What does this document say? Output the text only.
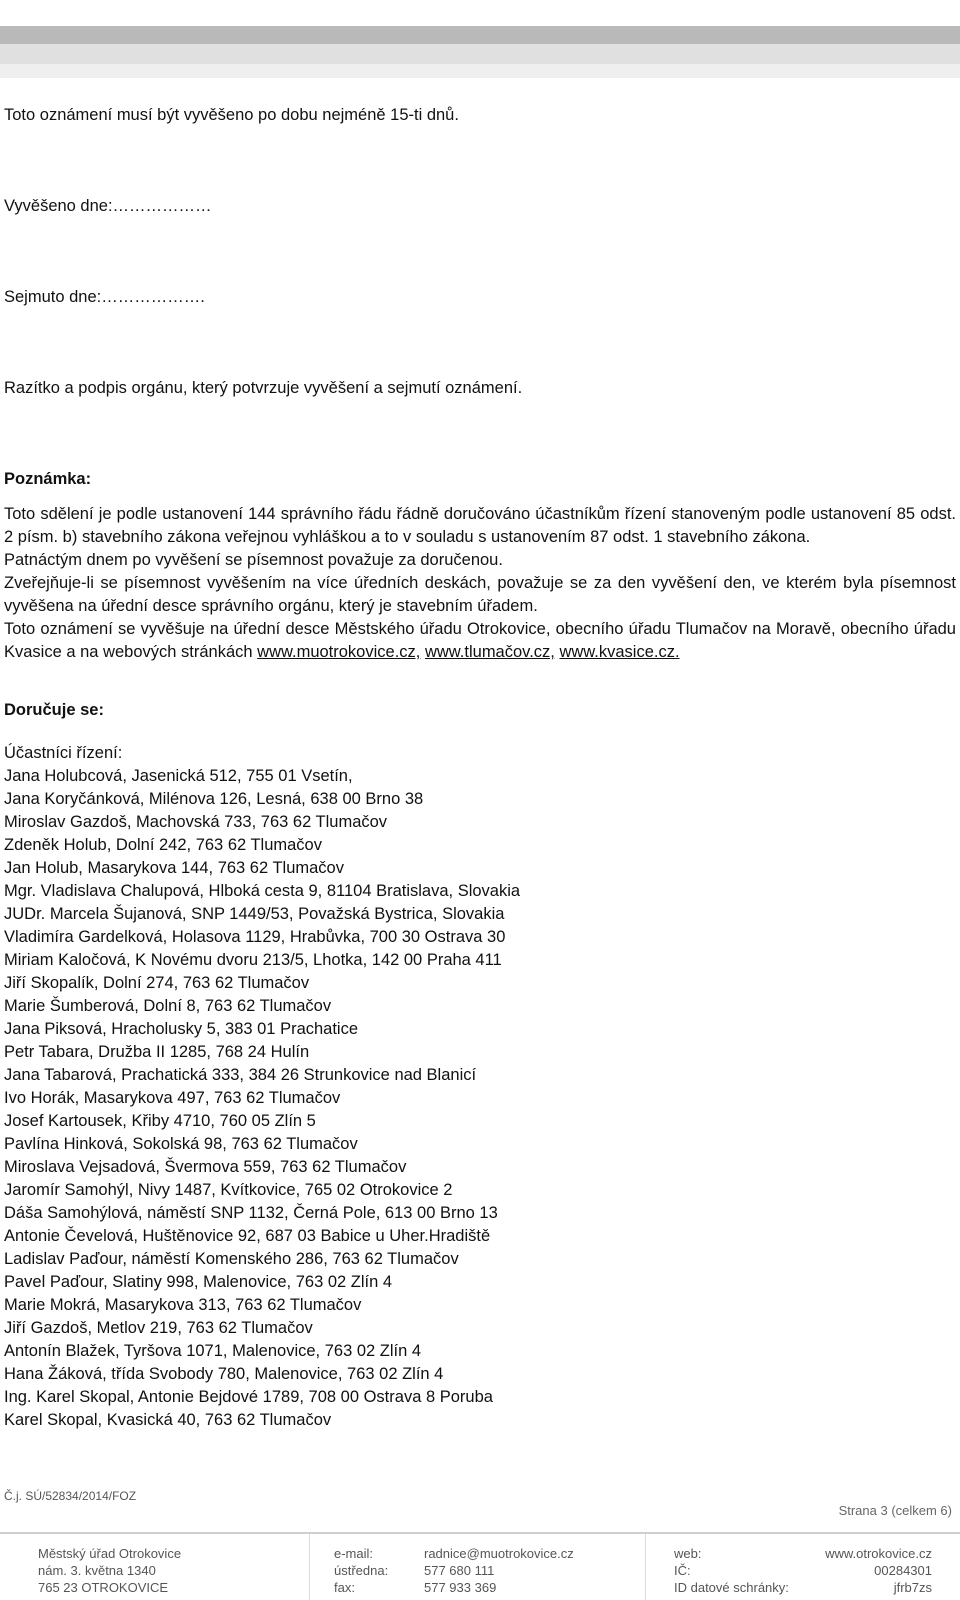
Toto oznámení musí být vyvěšeno po dobu nejméně 15-ti dnů.
Vyvěšeno dne:………………
Sejmuto dne:……………….
Razítko a podpis orgánu, který potvrzuje vyvěšení a sejmutí oznámení.
Poznámka:
Toto sdělení je podle ustanovení 144 správního řádu řádně doručováno účastníkům řízení stanoveným podle ustanovení 85 odst. 2 písm. b) stavebního zákona veřejnou vyhláškou a to v souladu s ustanovením 87 odst. 1 stavebního zákona.
Patnáctým dnem po vyvěšení se písemnost považuje za doručenou.
Zveřejňuje-li se písemnost vyvěšením na více úředních deskách, považuje se za den vyvěšení den, ve kterém byla písemnost vyvěšena na úřední desce správního orgánu, který je stavebním úřadem.
Toto oznámení se vyvěšuje na úřední desce Městského úřadu Otrokovice, obecního úřadu Tlumačov na Moravě, obecního úřadu Kvasice a na webových stránkách www.muotrokovice.cz, www.tlumačov.cz, www.kvasice.cz.
Doručuje se:
Účastníci řízení:
Jana Holubcová, Jasenická 512, 755 01 Vsetín,
Jana Koryčánková, Milénova 126, Lesná, 638 00 Brno 38
Miroslav Gazdoš, Machovská 733, 763 62 Tlumačov
Zdeněk Holub, Dolní 242, 763 62 Tlumačov
Jan Holub, Masarykova 144, 763 62 Tlumačov
Mgr. Vladislava Chalupová, Hlboká cesta 9, 81104 Bratislava, Slovakia
JUDr. Marcela Šujanová, SNP 1449/53, Považská Bystrica, Slovakia
Vladimíra Gardelková, Holasova 1129, Hrabůvka, 700 30 Ostrava 30
Miriam Kaločová, K Novému dvoru 213/5, Lhotka, 142 00 Praha 411
Jiří Skopalík, Dolní 274, 763 62 Tlumačov
Marie Šumberová, Dolní 8, 763 62 Tlumačov
Jana Piksová, Hracholusky 5, 383 01 Prachatice
Petr Tabara, Družba II 1285, 768 24 Hulín
Jana Tabarová, Prachatická 333, 384 26 Strunkovice nad Blanicí
Ivo Horák, Masarykova 497, 763 62 Tlumačov
Josef Kartousek, Křiby 4710, 760 05 Zlín 5
Pavlína Hinková, Sokolská 98, 763 62 Tlumačov
Miroslava Vejsadová, Švermova 559, 763 62 Tlumačov
Jaromír Samohýl, Nivy 1487, Kvítkovice, 765 02 Otrokovice 2
Dáša Samohýlová, náměstí SNP 1132, Černá Pole, 613 00 Brno 13
Antonie Čevelová, Huštěnovice 92, 687 03 Babice u Uher.Hradiště
Ladislav Paďour, náměstí Komenského 286, 763 62 Tlumačov
Pavel Paďour, Slatiny 998, Malenovice, 763 02 Zlín 4
Marie Mokrá, Masarykova 313, 763 62 Tlumačov
Jiří Gazdoš, Metlov 219, 763 62 Tlumačov
Antonín Blažek, Tyršova 1071, Malenovice, 763 02 Zlín 4
Hana Žáková, třída Svobody 780, Malenovice, 763 02 Zlín 4
Ing. Karel Skopal, Antonie Bejdové 1789, 708 00 Ostrava 8 Poruba
Karel Skopal, Kvasická 40, 763 62 Tlumačov
Č.j. SÚ/52834/2014/FOZ
Strana 3 (celkem 6)
Městský úřad Otrokovice
nám. 3. května 1340
765 23 OTROKOVICE
e-mail:
ústředna:
fax:
radnice@muotrokovice.cz
577 680 111
577 933 369
web:
IČ:
ID datové schránky:
www.otrokovice.cz
00284301
jfrb7zs
